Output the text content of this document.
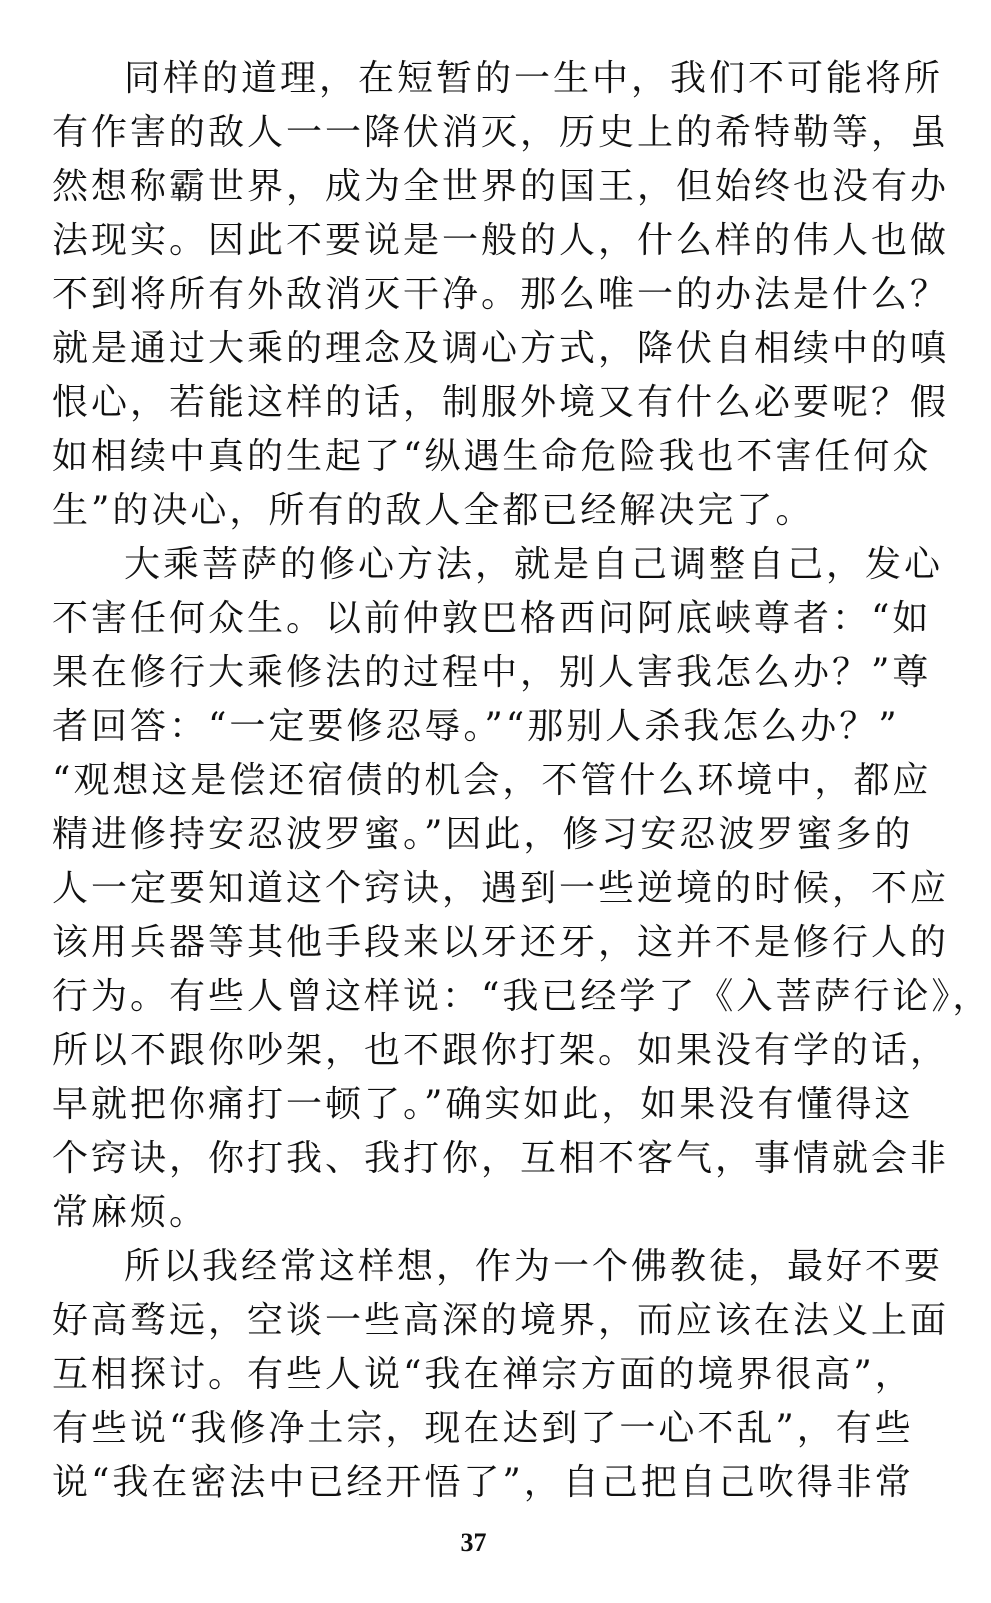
同样的道理，在短暂的一生中，我们不可能将所
有作害的敌人一一降伏消灭，历史上的希特勒等，虽
然想称霸世界，成为全世界的国王，但始终也没有办
法现实。因此不要说是一般的人，什么样的伟人也做
不到将所有外敌消灭干净。那么唯一的办法是什么？
就是通过大乘的理念及调心方式，降伏自相续中的嗔
恨心，若能这样的话，制服外境又有什么必要呢？假
如相续中真的生起了“纵遇生命危险我也不害任何众
生”的决心，所有的敌人全都已经解决完了。
大乘菩萨的修心方法，就是自己调整自己，发心
不害任何众生。以前仲敦巴格西问阿底峡尊者：“如
果在修行大乘修法的过程中，别人害我怎么办？”尊
者回答：“一定要修忍辱。”“那别人杀我怎么办？”
“观想这是偿还宿债的机会，不管什么环境中，都应
精进修持安忍波罗蜜。”因此，修习安忍波罗蜜多的
人一定要知道这个窍诀，遇到一些逆境的时候，不应
该用兵器等其他手段来以牙还牙，这并不是修行人的
行为。有些人曾这样说：“我已经学了《入菩萨行论》，
所以不跟你吵架，也不跟你打架。如果没有学的话，
早就把你痛打一顿了。”确实如此，如果没有懂得这
个窍诀，你打我、我打你，互相不客气，事情就会非
常麻烦。
所以我经常这样想，作为一个佛教徒，最好不要
好高骛远，空谈一些高深的境界，而应该在法义上面
互相探讨。有些人说“我在禅宗方面的境界很高”，
有些说“我修净土宗，现在达到了一心不乱”，有些
说“我在密法中已经开悟了”，自己把自己吹得非常
37
